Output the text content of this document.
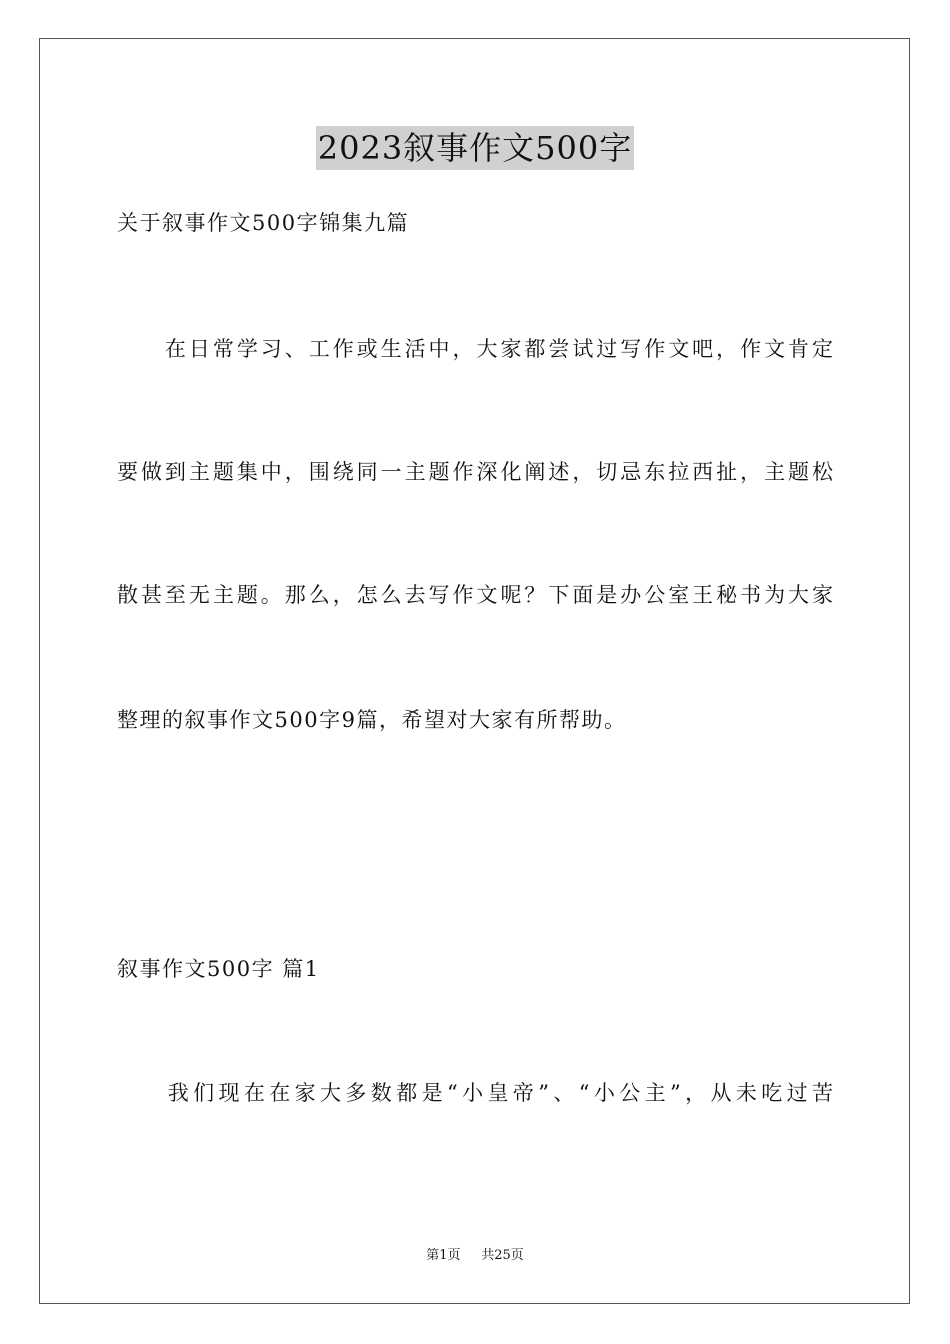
2023叙事作文500字
关于叙事作文500字锦集九篇
　　在日常学习、工作或生活中，大家都尝试过写作文吧，作文肯定
要做到主题集中，围绕同一主题作深化阐述，切忌东拉西扯，主题松
散甚至无主题。那么，怎么去写作文呢？下面是办公室王秘书为大家
整理的叙事作文500字9篇，希望对大家有所帮助。
叙事作文500字 篇1
　　我们现在在家大多数都是“小皇帝”、“小公主”，从未吃过苦
第1页 共25页
